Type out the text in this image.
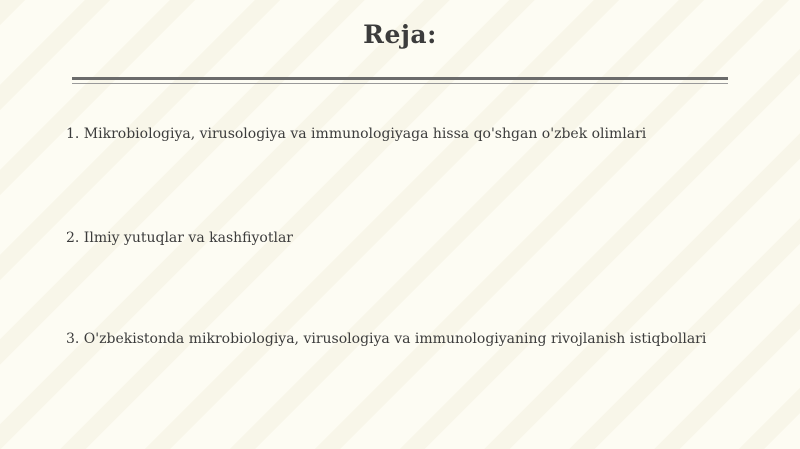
Reja:
1. Mikrobiologiya, virusologiya va immunologiyaga hissa qo'shgan o'zbek olimlari
2. Ilmiy yutuqlar va kashfiyotlar
3. O'zbekistonda mikrobiologiya, virusologiya va immunologiyaning rivojlanish istiqbollari
